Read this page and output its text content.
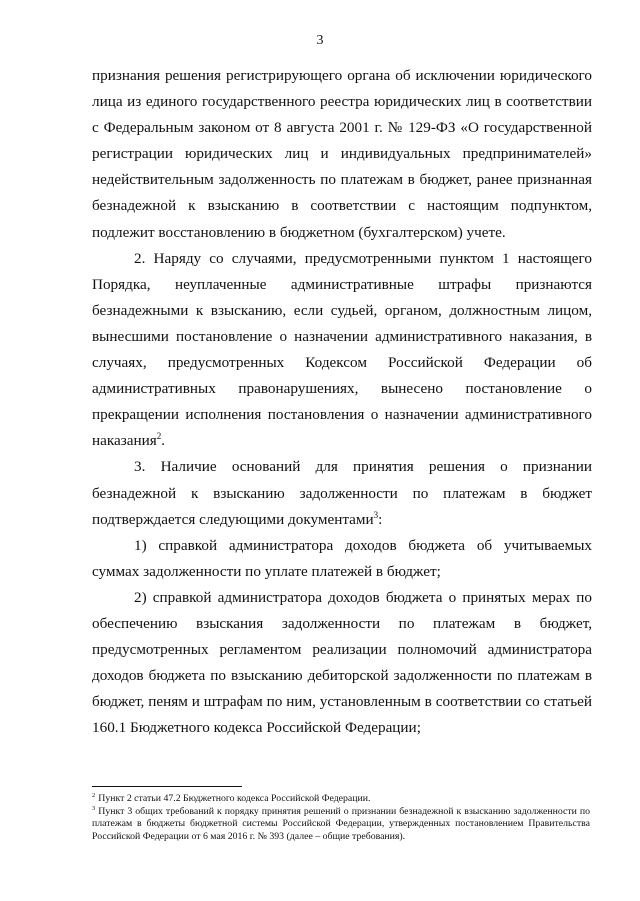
3

признания решения регистрирующего органа об исключении юридического лица из единого государственного реестра юридических лиц в соответствии с Федеральным законом от 8 августа 2001 г. № 129-ФЗ «О государственной регистрации юридических лиц и индивидуальных предпринимателей» недействительным задолженность по платежам в бюджет, ранее признанная безнадежной к взысканию в соответствии с настоящим подпунктом, подлежит восстановлению в бюджетном (бухгалтерском) учете.

2. Наряду со случаями, предусмотренными пунктом 1 настоящего Порядка, неуплаченные административные штрафы признаются безнадежными к взысканию, если судьей, органом, должностным лицом, вынесшими постановление о назначении административного наказания, в случаях, предусмотренных Кодексом Российской Федерации об административных правонарушениях, вынесено постановление о прекращении исполнения постановления о назначении административного наказания$^2$.

3. Наличие оснований для принятия решения о признании безнадежной к взысканию задолженности по платежам в бюджет подтверждается следующими документами$^3$:

1) справкой администратора доходов бюджета об учитываемых суммах задолженности по уплате платежей в бюджет;

2) справкой администратора доходов бюджета о принятых мерах по обеспечению взыскания задолженности по платежам в бюджет, предусмотренных регламентом реализации полномочий администратора доходов бюджета по взысканию дебиторской задолженности по платежам в бюджет, пеням и штрафам по ним, установленным в соответствии со статьей 160.1 Бюджетного кодекса Российской Федерации;

$^2$ Пункт 2 статьи 47.2 Бюджетного кодекса Российской Федерации.

$^3$ Пункт 3 общих требований к порядку принятия решений о признании безнадежной к взысканию задолженности по платежам в бюджеты бюджетной системы Российской Федерации, утвержденных постановлением Правительства Российской Федерации от 6 мая 2016 г. № 393 (далее – общие требования).
